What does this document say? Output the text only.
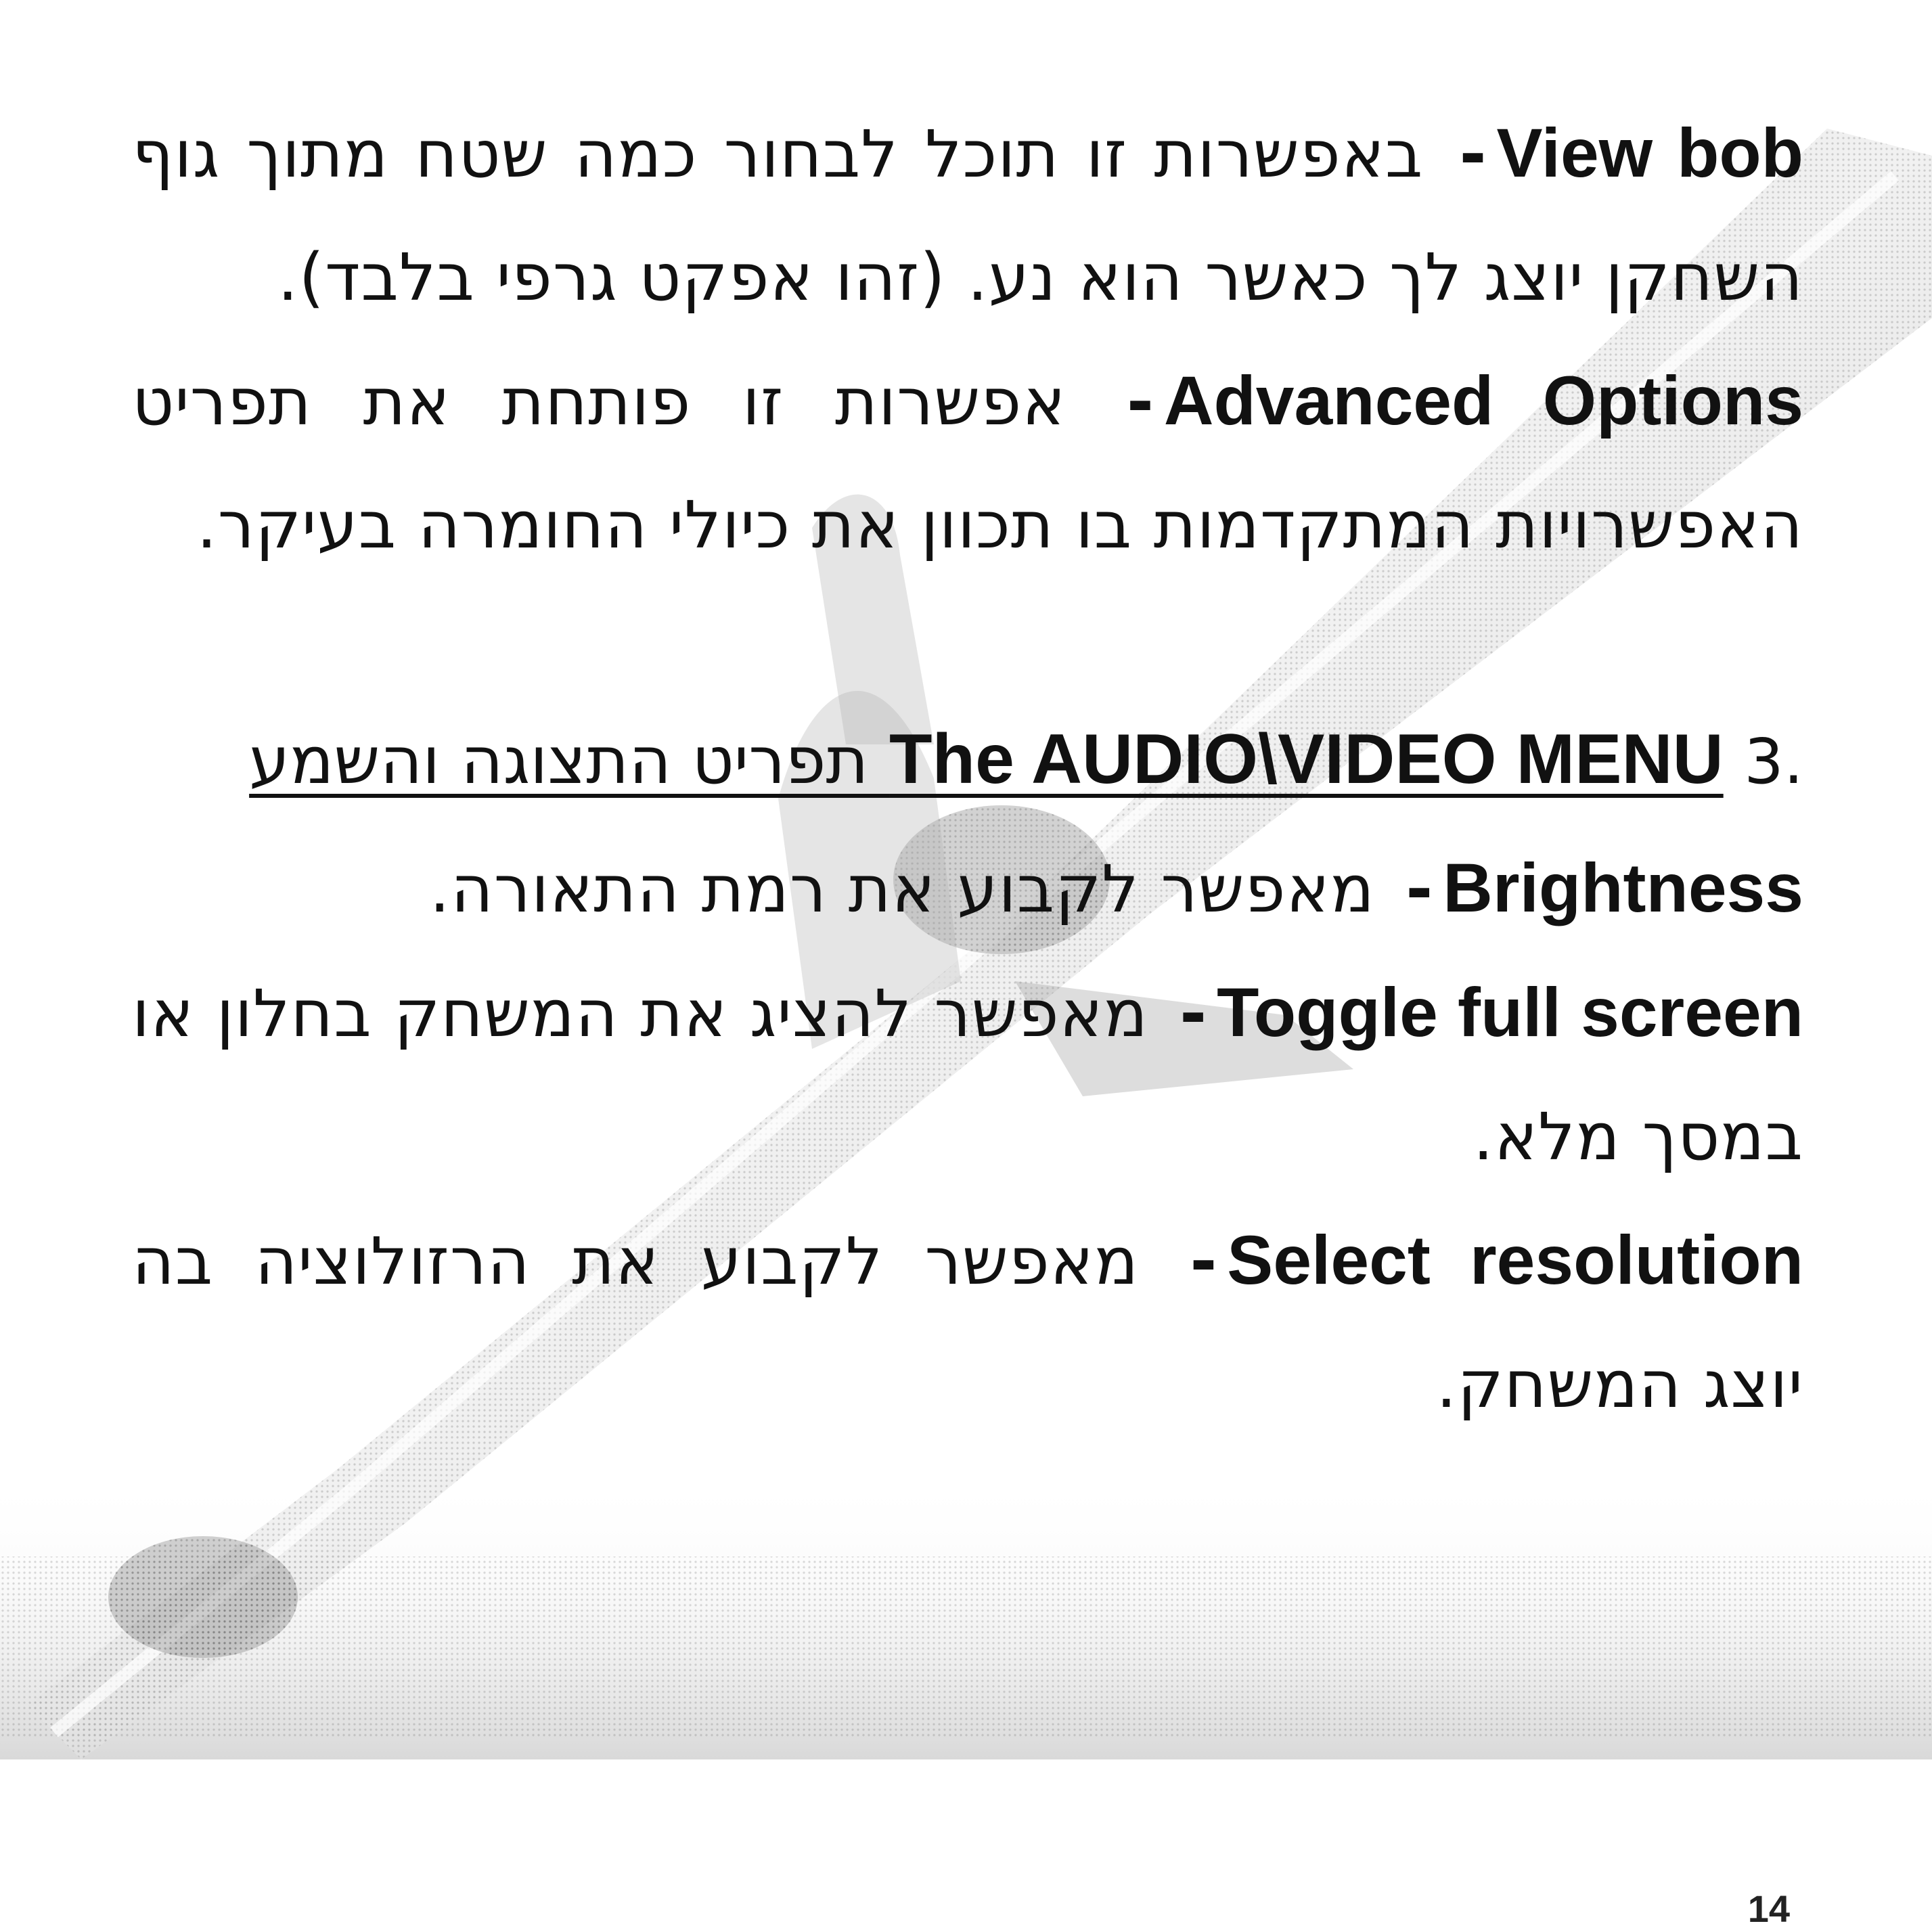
View bob- באפשרות זו תוכל לבחור כמה שטח מתוך גוף השחקן יוצג לך כאשר הוא נע. (זהו אפקט גרפי בלבד).

Advanced Options- אפשרות זו פותחת את תפריט האפשרויות המתקדמות בו תכוון את כיולי החומרה בעיקר.

.3 The AUDIO\VIDEO MENU תפריט התצוגה והשמע

Brightness- מאפשר לקבוע את רמת התאורה.

Toggle full screen- מאפשר להציג את המשחק בחלון או במסך מלא.

Select resolution- מאפשר לקבוע את הרזולוציה בה יוצג המשחק.

14
